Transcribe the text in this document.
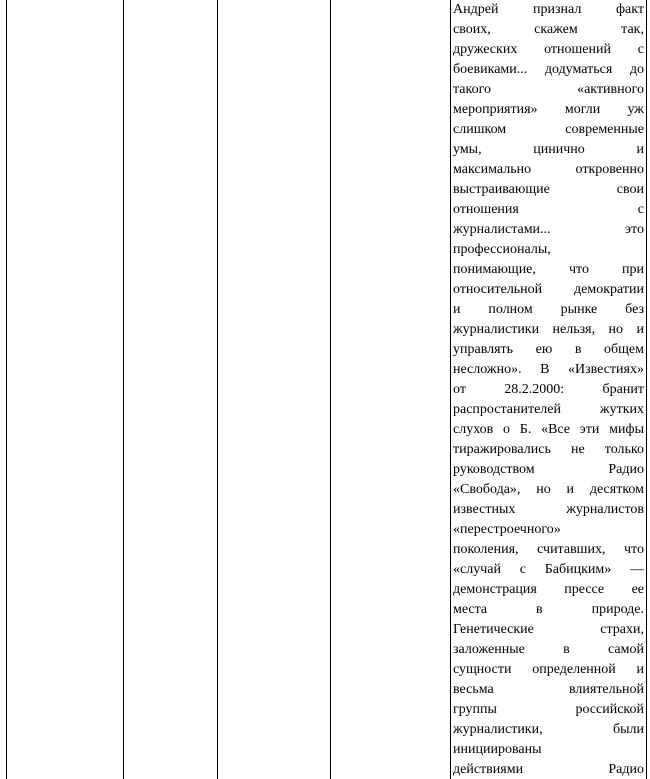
Андрей признал факт
своих,	скажем	так,
дружеских отношений с
боевиками... додуматься до
такого	«активного
мероприятия» могли уж
слишком	современные
умы,	цинично	и
максимально	откровенно
выстраивающие	свои
отношения	с
журналистами...	это
профессионалы,
понимающие, что при
относительной демократии
и полном рынке без
журналистики нельзя, но и
управлять ею в общем
несложно». В «Известиях»
от	28.2.2000:	бранит
распростанителей	жутких
слухов о Б. «Все эти мифы
тиражировались не только
руководством	Радио
«Свобода», но и десятком
известных	журналистов
«перестроечного»
поколения, считавших, что
«случай с Бабицким» —
демонстрация прессе ее
места	в	природе.
Генетические	страхи,
заложенные	в	самой
сущности определенной и
весьма	влиятельной
группы	российской
журналистики,	были
инициированы
действиями	Радио
